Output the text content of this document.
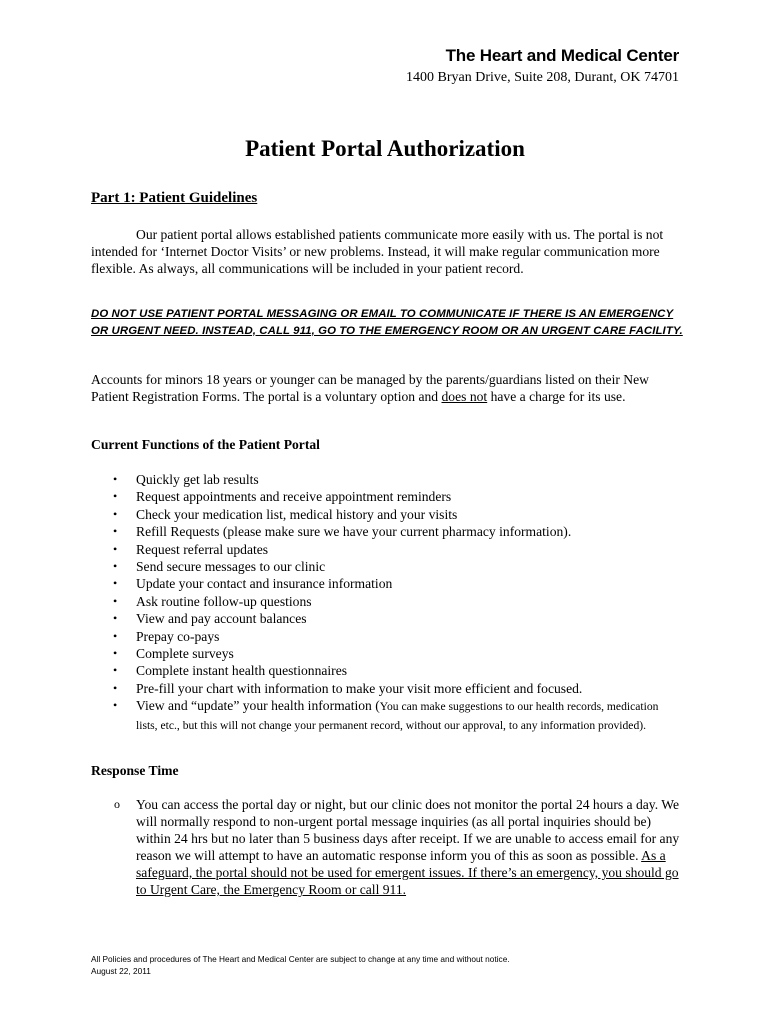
The Heart and Medical Center
1400 Bryan Drive, Suite 208, Durant, OK 74701
Patient Portal Authorization
Part 1: Patient Guidelines
Our patient portal allows established patients communicate more easily with us. The portal is not intended for ‘Internet Doctor Visits’ or new problems. Instead, it will make regular communication more flexible. As always, all communications will be included in your patient record.
DO NOT USE PATIENT PORTAL MESSAGING OR EMAIL TO COMMUNICATE IF THERE IS AN EMERGENCY OR URGENT NEED. INSTEAD, CALL 911, GO TO THE EMERGENCY ROOM OR AN URGENT CARE FACILITY.
Accounts for minors 18 years or younger can be managed by the parents/guardians listed on their New Patient Registration Forms. The portal is a voluntary option and does not have a charge for its use.
Current Functions of the Patient Portal
• Quickly get lab results
• Request appointments and receive appointment reminders
• Check your medication list, medical history and your visits
• Refill Requests (please make sure we have your current pharmacy information).
• Request referral updates
• Send secure messages to our clinic
• Update your contact and insurance information
• Ask routine follow-up questions
• View and pay account balances
• Prepay co-pays
• Complete surveys
• Complete instant health questionnaires
• Pre-fill your chart with information to make your visit more efficient and focused.
• View and “update” your health information (You can make suggestions to our health records, medication lists, etc., but this will not change your permanent record, without our approval, to any information provided).
Response Time
o You can access the portal day or night, but our clinic does not monitor the portal 24 hours a day. We will normally respond to non-urgent portal message inquiries (as all portal inquiries should be) within 24 hrs but no later than 5 business days after receipt. If we are unable to access email for any reason we will attempt to have an automatic response inform you of this as soon as possible. As a safeguard, the portal should not be used for emergent issues. If there’s an emergency, you should go to Urgent Care, the Emergency Room or call 911.
All Policies and procedures of The Heart and Medical Center are subject to change at any time and without notice.
August 22, 2011
